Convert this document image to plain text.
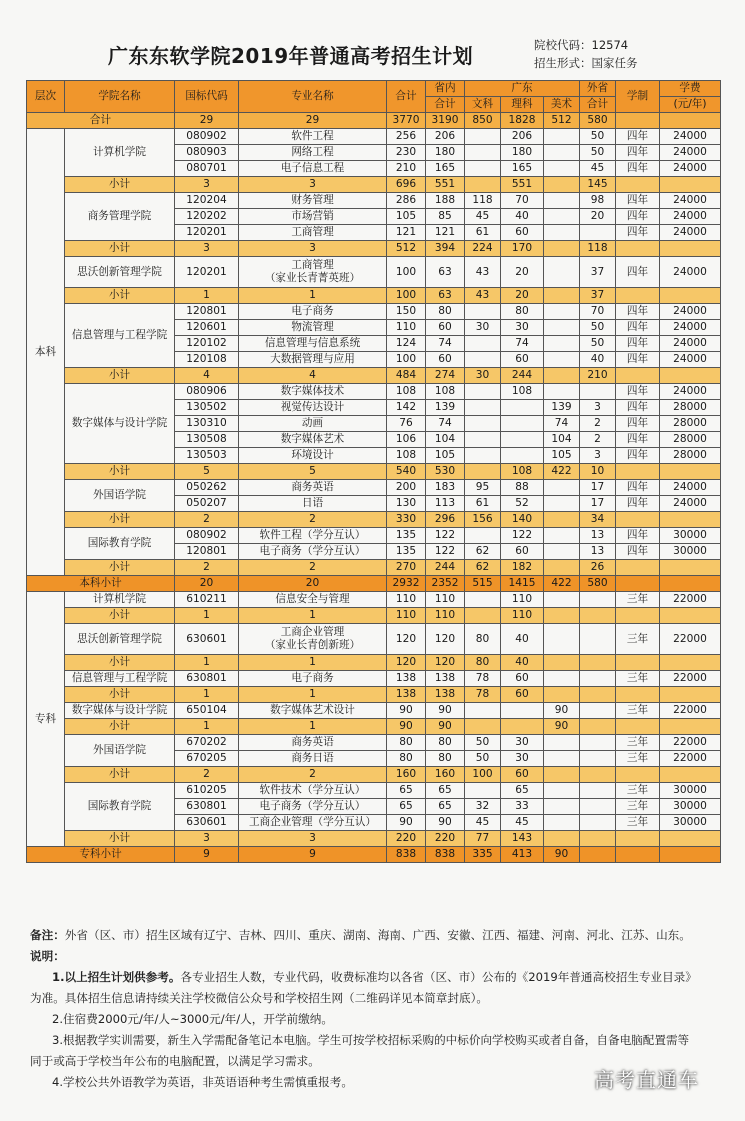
广东东软学院2019年普通高考招生计划	院校代码：12574
招生形式：国家任务
层次	学院名称	国标代码	专业名称	合计	省内	广东			外省	学制	学费
					合计	文科	理科	美术	合计		(元/年)
合计		29	29	3770	3190	850	1828	512	580		
本科	计算机学院	080902	软件工程	256	206		206		50	四年	24000
		080903	网络工程	230	180		180		50	四年	24000
		080701	电子信息工程	210	165		165		45	四年	24000
	小计	3	3	696	551		551		145		
	商务管理学院	120204	财务管理	286	188	118	70		98	四年	24000
		120202	市场营销	105	85	45	40		20	四年	24000
		120201	工商管理	121	121	61	60			四年	24000
	小计	3	3	512	394	224	170		118		
	思沃创新管理学院	120201	工商管理
（家业长青菁英班）	100	63	43	20		37	四年	24000
	小计	1	1	100	63	43	20		37		
	信息管理与工程学院	120801	电子商务	150	80		80		70	四年	24000
		120601	物流管理	110	60	30	30		50	四年	24000
		120102	信息管理与信息系统	124	74		74		50	四年	24000
		120108	大数据管理与应用	100	60		60		40	四年	24000
	小计	4	4	484	274	30	244		210		
	数字媒体与设计学院	080906	数字媒体技术	108	108		108			四年	24000
		130502	视觉传达设计	142	139			139	3	四年	28000
		130310	动画	76	74			74	2	四年	28000
		130508	数字媒体艺术	106	104			104	2	四年	28000
		130503	环境设计	108	105			105	3	四年	28000
	小计	5	5	540	530		108	422	10		
	外国语学院	050262	商务英语	200	183	95	88		17	四年	24000
		050207	日语	130	113	61	52		17	四年	24000
	小计	2	2	330	296	156	140		34		
	国际教育学院	080902	软件工程（学分互认）	135	122		122		13	四年	30000
		120801	电子商务（学分互认）	135	122	62	60		13	四年	30000
	小计	2	2	270	244	62	182		26		
本科小计		20	20	2932	2352	515	1415	422	580		
专科	计算机学院	610211	信息安全与管理	110	110		110			三年	22000
	小计	1	1	110	110		110				
	思沃创新管理学院	630601	工商企业管理
（家业长青创新班）	120	120	80	40			三年	22000
	小计	1	1	120	120	80	40				
	信息管理与工程学院	630801	电子商务	138	138	78	60			三年	22000
	小计	1	1	138	138	78	60				
	数字媒体与设计学院	650104	数字媒体艺术设计	90	90			90		三年	22000
	小计	1	1	90	90			90			
	外国语学院	670202	商务英语	80	80	50	30			三年	22000
		670205	商务日语	80	80	50	30			三年	22000
	小计	2	2	160	160	100	60				
	国际教育学院	610205	软件技术（学分互认）	65	65		65			三年	30000
		630801	电子商务（学分互认）	65	65	32	33			三年	30000
		630601	工商企业管理（学分互认）	90	90	45	45			三年	30000
	小计	3	3	220	220	77	143				
专科小计		9	9	838	838	335	413	90			

备注：外省（区、市）招生区域有辽宁、吉林、四川、重庆、湖南、海南、广西、安徽、江西、福建、河南、河北、江苏、山东。

说明：

1.以上招生计划供参考。各专业招生人数，专业代码，收费标准均以各省（区、市）公布的《2019年普通高校招生专业目录》

为准。具体招生信息请持续关注学校微信公众号和学校招生网（二维码详见本简章封底）。

2.住宿费2000元/年/人~3000元/年/人，开学前缴纳。

3.根据教学实训需要，新生入学需配备笔记本电脑。学生可按学校招标采购的中标价向学校购买或者自备，自备电脑配置需等

同于或高于学校当年公布的电脑配置，以满足学习需求。

4.学校公共外语教学为英语，非英语语种考生需慎重报考。	高考直通车
